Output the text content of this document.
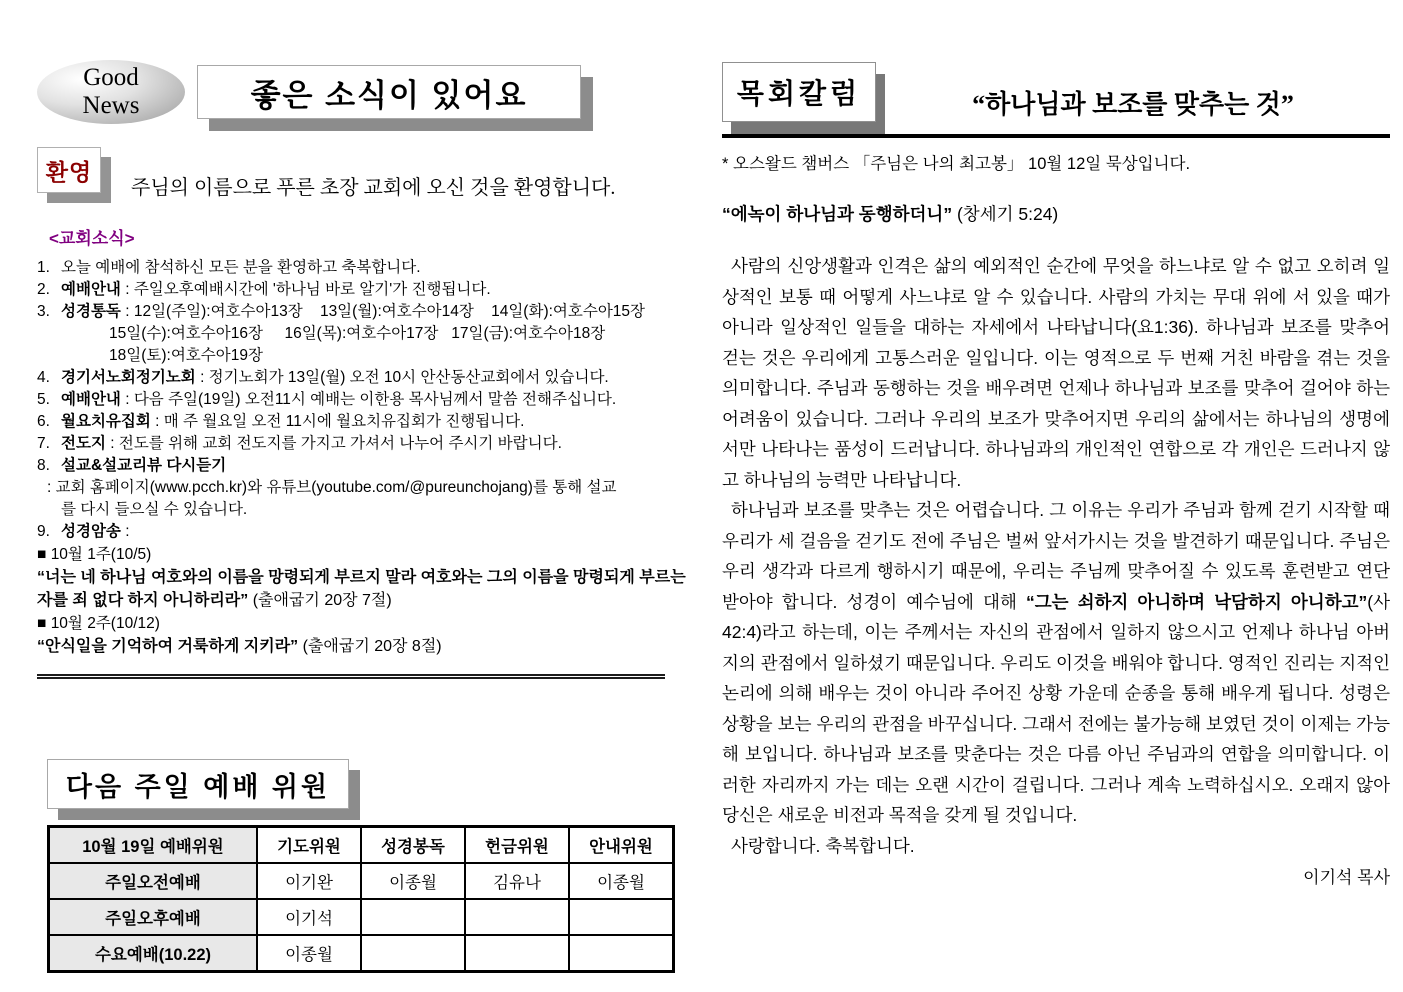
Good
News	좋은 소식이 있어요
환영
주님의 이름으로 푸른 초장 교회에 오신 것을 환영합니다.
<교회소식>
1. 오늘 예배에 참석하신 모든 분을 환영하고 축복합니다.
2. 예배안내 : 주일오후예배시간에 '하나님 바로 알기'가 진행됩니다.
3. 성경통독 : 12일(주일):여호수아13장    13일(월):여호수아14장    14일(화):여호수아15장
15일(수):여호수아16장     16일(목):여호수아17장   17일(금):여호수아18장
18일(토):여호수아19장
4. 경기서노회정기노회 : 정기노회가 13일(월) 오전 10시 안산동산교회에서 있습니다.
5. 예배안내 : 다음 주일(19일) 오전11시 예배는 이한용 목사님께서 말씀 전해주십니다.
6. 월요치유집회 : 매 주 월요일 오전 11시에 월요치유집회가 진행됩니다.
7. 전도지 : 전도를 위해 교회 전도지를 가지고 가셔서 나누어 주시기 바랍니다.
8. 설교&설교리뷰 다시듣기
: 교회 홈페이지(www.pcch.kr)와 유튜브(youtube.com/@pureunchojang)를 통해 설교
를 다시 들으실 수 있습니다.
9. 성경암송 :
■ 10월 1주(10/5)
“너는 네 하나님 여호와의 이름을 망령되게 부르지 말라 여호와는 그의 이름을 망령되게 부르는 자를 죄 없다 하지 아니하리라” (출애굽기 20장 7절)
■ 10월 2주(10/12)
“안식일을 기억하여 거룩하게 지키라” (출애굽기 20장 8절)
다음 주일 예배 위원
10월 19일 예배위원	기도위원	성경봉독	헌금위원	안내위원
주일오전예배	이기완	이종월	김유나	이종월
주일오후예배	이기석			
수요예배(10.22)	이종월			
목회칼럼	“하나님과 보조를 맞추는 것”
* 오스왈드 챔버스 「주님은 나의 최고봉」 10월 12일 묵상입니다.
“에녹이 하나님과 동행하더니” (창세기 5:24)

사람의 신앙생활과 인격은 삶의 예외적인 순간에 무엇을 하느냐로 알 수 없고 오히려 일상적인 보통 때 어떻게 사느냐로 알 수 있습니다. 사람의 가치는 무대 위에 서 있을 때가 아니라 일상적인 일들을 대하는 자세에서 나타납니다(요1:36). 하나님과 보조를 맞추어 걷는 것은 우리에게 고통스러운 일입니다. 이는 영적으로 두 번째 거친 바람을 겪는 것을 의미합니다. 주님과 동행하는 것을 배우려면 언제나 하나님과 보조를 맞추어 걸어야 하는 어려움이 있습니다. 그러나 우리의 보조가 맞추어지면 우리의 삶에서는 하나님의 생명에서만 나타나는 품성이 드러납니다. 하나님과의 개인적인 연합으로 각 개인은 드러나지 않고 하나님의 능력만 나타납니다.

하나님과 보조를 맞추는 것은 어렵습니다. 그 이유는 우리가 주님과 함께 걷기 시작할 때 우리가 세 걸음을 걷기도 전에 주님은 벌써 앞서가시는 것을 발견하기 때문입니다. 주님은 우리 생각과 다르게 행하시기 때문에, 우리는 주님께 맞추어질 수 있도록 훈련받고 연단 받아야 합니다. 성경이 예수님에 대해 “그는 쇠하지 아니하며 낙담하지 아니하고”(사42:4)라고 하는데, 이는 주께서는 자신의 관점에서 일하지 않으시고 언제나 하나님 아버지의 관점에서 일하셨기 때문입니다. 우리도 이것을 배워야 합니다. 영적인 진리는 지적인 논리에 의해 배우는 것이 아니라 주어진 상황 가운데 순종을 통해 배우게 됩니다. 성령은 상황을 보는 우리의 관점을 바꾸십니다. 그래서 전에는 불가능해 보였던 것이 이제는 가능해 보입니다. 하나님과 보조를 맞춘다는 것은 다름 아닌 주님과의 연합을 의미합니다. 이러한 자리까지 가는 데는 오랜 시간이 걸립니다. 그러나 계속 노력하십시오. 오래지 않아 당신은 새로운 비전과 목적을 갖게 될 것입니다.

사랑합니다. 축복합니다.

이기석 목사
